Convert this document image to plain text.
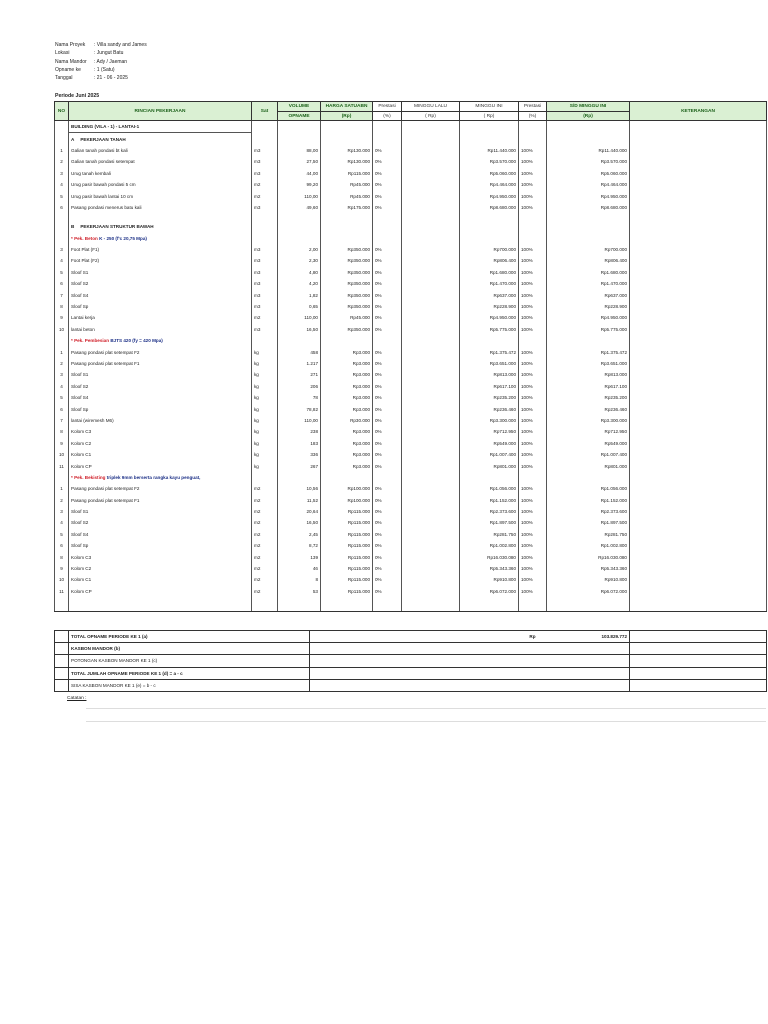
Nama Proyek	: Villa sandy and James
Lokasi	: Jungut Batu
Nama Mandor	: Ady / Jaeman
Opname ke	: 1 (Satu)
Tanggal	: 21 - 06 - 2025
Periode Juni 2025
NO	RINCIAN PEKERJAAN	Sat	VOLUME	HARGA SATUABN	Prestasi	MINGGU LALU	MINGGU INI	Prestasi	S/D MINGGU INI	KETERANGAN
			OPNAME	(Rp)	(%)	( Rp)	( Rp)	(%)	(Rp)	
	BUILDING (VILA - 1) - LANTAI-1									
	A PEKERJAAN TANAH									
1	Galian tanah pondasi bt kali	m3	88,00	Rp130.000	0%		Rp11.440.000	100%	Rp11.440.000	
2	Galian tanah pondasi setempat	m3	27,50	Rp130.000	0%		Rp3.570.000	100%	Rp3.570.000	
3	Urug tanah kembali	m3	44,00	Rp115.000	0%		Rp5.060.000	100%	Rp5.060.000	
4	Urug pasir bawah pondasi 5 cm	m2	99,20	Rp45.000	0%		Rp4.464.000	100%	Rp4.464.000	
5	Urug pasir bawah lantai 10 cm	m2	110,00	Rp45.000	0%		Rp4.950.000	100%	Rp4.950.000	
6	Pasang pondasi menerus batu kali	m3	49,60	Rp175.000	0%		Rp8.680.000	100%	Rp8.680.000	

	B PEKERJAAN STRUKTUR BAWAH									
	* Pek. Beton K - 250 (f'c 20,75 Mpa)									
3	Foot Plat (F1)	m3	2,00	Rp350.000	0%		Rp700.000	100%	Rp700.000	
4	Foot Plat (F2)	m3	2,30	Rp350.000	0%		Rp806.400	100%	Rp806.400	
5	Sloof S1	m3	4,80	Rp350.000	0%		Rp1.680.000	100%	Rp1.680.000	
6	Sloof S2	m3	4,20	Rp350.000	0%		Rp1.470.000	100%	Rp1.470.000	
7	Sloof S4	m3	1,82	Rp350.000	0%		Rp637.000	100%	Rp637.000	
8	Sloof Sp	m3	0,65	Rp350.000	0%		Rp228.900	100%	Rp228.900	
9	Lantai kerja	m2	110,00	Rp45.000	0%		Rp4.950.000	100%	Rp4.950.000	
10	lantai beton	m3	16,50	Rp350.000	0%		Rp5.775.000	100%	Rp5.775.000	
	* Pek. Pembesian BJTS 420 (fy = 420 Mpa)									
1	Pasang pondasi plat setempat F2	kg	458	Rp3.000	0%		Rp1.375.472	100%	Rp1.375.472	
2	Pasang pondasi plat setempat F1	kg	1.217	Rp3.000	0%		Rp3.651.000	100%	Rp3.651.000	
3	Sloof S1	kg	271	Rp3.000	0%		Rp813.000	100%	Rp813.000	
4	Sloof S2	kg	206	Rp3.000	0%		Rp617.100	100%	Rp617.100	
5	Sloof S4	kg	78	Rp3.000	0%		Rp235.200	100%	Rp235.200	
6	Sloof Sp	kg	78,82	Rp3.000	0%		Rp236.460	100%	Rp236.460	
7	lantai (wiremesh M6)	kg	110,00	Rp30.000	0%		Rp3.300.000	100%	Rp3.300.000	
8	Kolom C3	kg	238	Rp3.000	0%		Rp712.950	100%	Rp712.950	
9	Kolom C2	kg	183	Rp3.000	0%		Rp549.000	100%	Rp549.000	
10	Kolom C1	kg	336	Rp3.000	0%		Rp1.007.400	100%	Rp1.007.400	
11	Kolom CP	kg	267	Rp3.000	0%		Rp801.000	100%	Rp801.000	
	* Pek. Bekisting triplek 9mm berserta rangka kayu penguat,									
1	Pasang pondasi plat setempat F2	m2	10,56	Rp100.000	0%		Rp1.056.000	100%	Rp1.056.000	
2	Pasang pondasi plat setempat F1	m2	11,52	Rp100.000	0%		Rp1.152.000	100%	Rp1.152.000	
3	Sloof S1	m2	20,64	Rp115.000	0%		Rp2.373.600	100%	Rp2.373.600	
4	Sloof S2	m2	16,50	Rp115.000	0%		Rp1.897.500	100%	Rp1.897.500	
5	Sloof S4	m2	2,45	Rp115.000	0%		Rp281.750	100%	Rp281.750	
6	Sloof Sp	m2	8,72	Rp115.000	0%		Rp1.002.800	100%	Rp1.002.800	
8	Kolom C3	m2	139	Rp115.000	0%		Rp16.030.080	100%	Rp16.030.080	
9	Kolom C2	m2	46	Rp115.000	0%		Rp5.343.360	100%	Rp5.343.360	
10	Kolom C1	m2	8	Rp115.000	0%		Rp910.800	100%	Rp910.800	
11	Kolom CP	m2	53	Rp115.000	0%		Rp6.072.000	100%	Rp6.072.000	

	TOTAL OPNAME PERIODE KE 1 (a)	Rp	103.829.772	
	KASBON MANDOR (b)			
	POTONGAN KASBON MANDOR KE 1 (c)			
	TOTAL JUMLAH OPNAME PERIODE KE 1 (d) = a - c			
	SISA KASBON MANDOR KE 1 (e) = b - c			
Catatan :
